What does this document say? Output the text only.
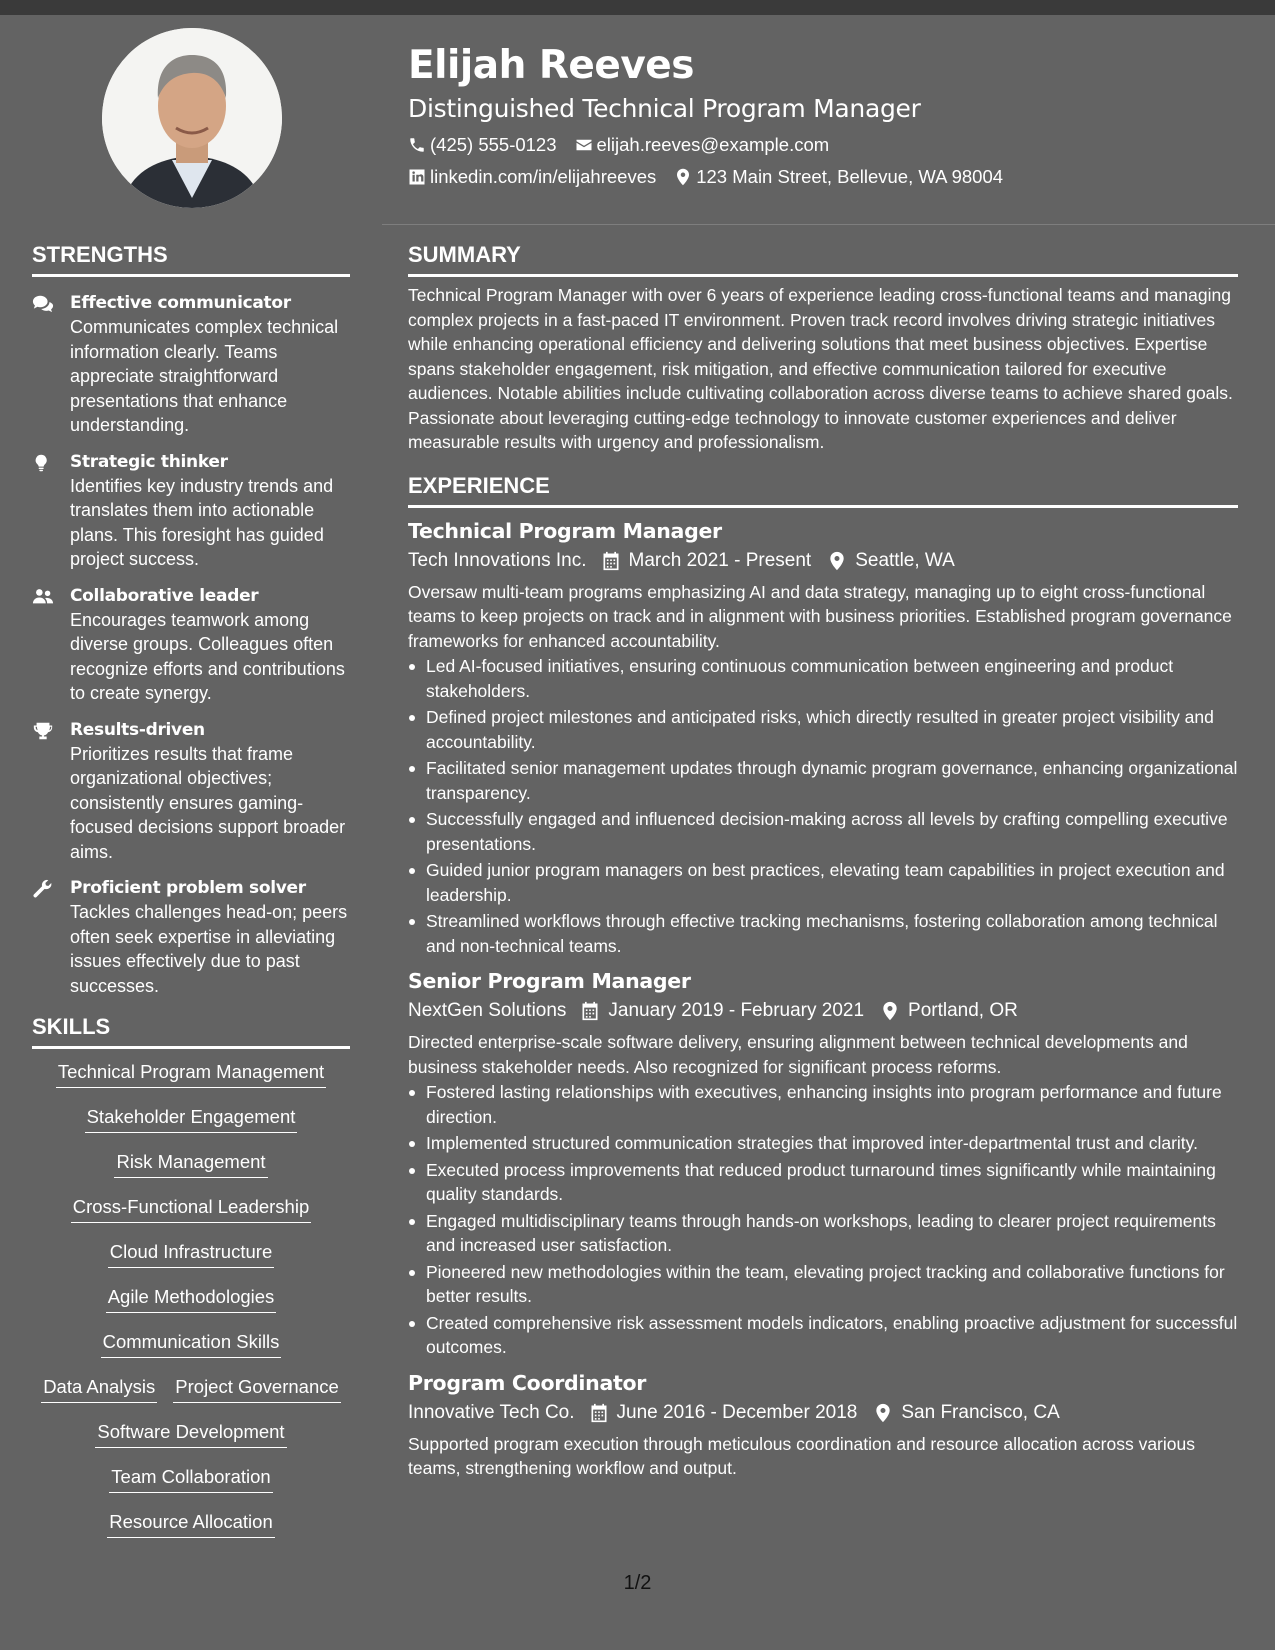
Elijah Reeves
Distinguished Technical Program Manager
(425) 555-0123 elijah.reeves@example.com
linkedin.com/in/elijahreeves 123 Main Street, Bellevue, WA 98004
STRENGTHS
Effective communicator
Communicates complex technical information clearly. Teams appreciate straightforward presentations that enhance understanding.
Strategic thinker
Identifies key industry trends and translates them into actionable plans. This foresight has guided project success.
Collaborative leader
Encourages teamwork among diverse groups. Colleagues often recognize efforts and contributions to create synergy.
Results-driven
Prioritizes results that frame organizational objectives; consistently ensures gaming-focused decisions support broader aims.
Proficient problem solver
Tackles challenges head-on; peers often seek expertise in alleviating issues effectively due to past successes.
SKILLS
Technical Program Management
Stakeholder Engagement
Risk Management
Cross-Functional Leadership
Cloud Infrastructure
Agile Methodologies
Communication Skills
Data Analysis Project Governance
Software Development
Team Collaboration
Resource Allocation
SUMMARY
Technical Program Manager with over 6 years of experience leading cross-functional teams and managing complex projects in a fast-paced IT environment. Proven track record involves driving strategic initiatives while enhancing operational efficiency and delivering solutions that meet business objectives. Expertise spans stakeholder engagement, risk mitigation, and effective communication tailored for executive audiences. Notable abilities include cultivating collaboration across diverse teams to achieve shared goals. Passionate about leveraging cutting-edge technology to innovate customer experiences and deliver measurable results with urgency and professionalism.
EXPERIENCE
Technical Program Manager
Tech Innovations Inc. March 2021 - Present Seattle, WA
Oversaw multi-team programs emphasizing AI and data strategy, managing up to eight cross-functional teams to keep projects on track and in alignment with business priorities. Established program governance frameworks for enhanced accountability.
Led AI-focused initiatives, ensuring continuous communication between engineering and product stakeholders.
Defined project milestones and anticipated risks, which directly resulted in greater project visibility and accountability.
Facilitated senior management updates through dynamic program governance, enhancing organizational transparency.
Successfully engaged and influenced decision-making across all levels by crafting compelling executive presentations.
Guided junior program managers on best practices, elevating team capabilities in project execution and leadership.
Streamlined workflows through effective tracking mechanisms, fostering collaboration among technical and non-technical teams.
Senior Program Manager
NextGen Solutions January 2019 - February 2021 Portland, OR
Directed enterprise-scale software delivery, ensuring alignment between technical developments and business stakeholder needs. Also recognized for significant process reforms.
Fostered lasting relationships with executives, enhancing insights into program performance and future direction.
Implemented structured communication strategies that improved inter-departmental trust and clarity.
Executed process improvements that reduced product turnaround times significantly while maintaining quality standards.
Engaged multidisciplinary teams through hands-on workshops, leading to clearer project requirements and increased user satisfaction.
Pioneered new methodologies within the team, elevating project tracking and collaborative functions for better results.
Created comprehensive risk assessment models indicators, enabling proactive adjustment for successful outcomes.
Program Coordinator
Innovative Tech Co. June 2016 - December 2018 San Francisco, CA
Supported program execution through meticulous coordination and resource allocation across various teams, strengthening workflow and output.
1/2
